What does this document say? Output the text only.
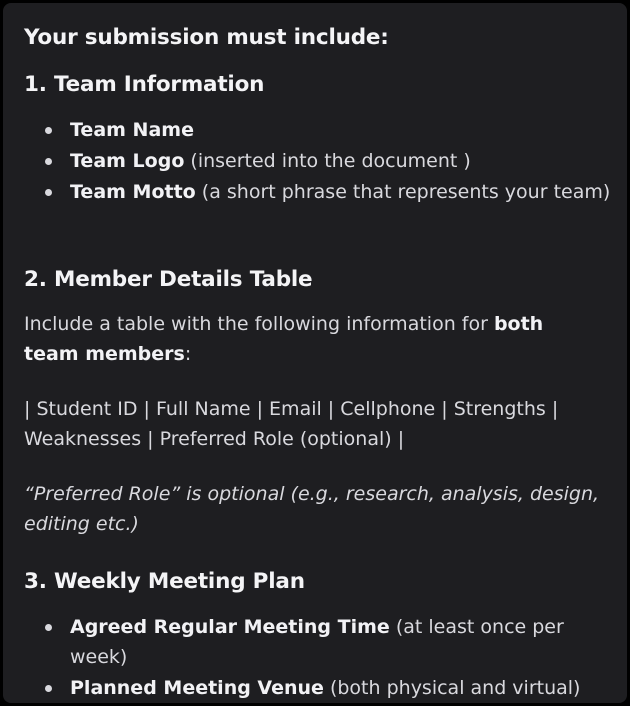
Your submission must include:
1. Team Information
Team Name
Team Logo (inserted into the document )
Team Motto (a short phrase that represents your team)
2. Member Details Table
Include a table with the following information for both team members:
| Student ID | Full Name | Email | Cellphone | Strengths | Weaknesses | Preferred Role (optional) |
“Preferred Role” is optional (e.g., research, analysis, design, editing etc.)
3. Weekly Meeting Plan
Agreed Regular Meeting Time (at least once per week)
Planned Meeting Venue (both physical and virtual)
